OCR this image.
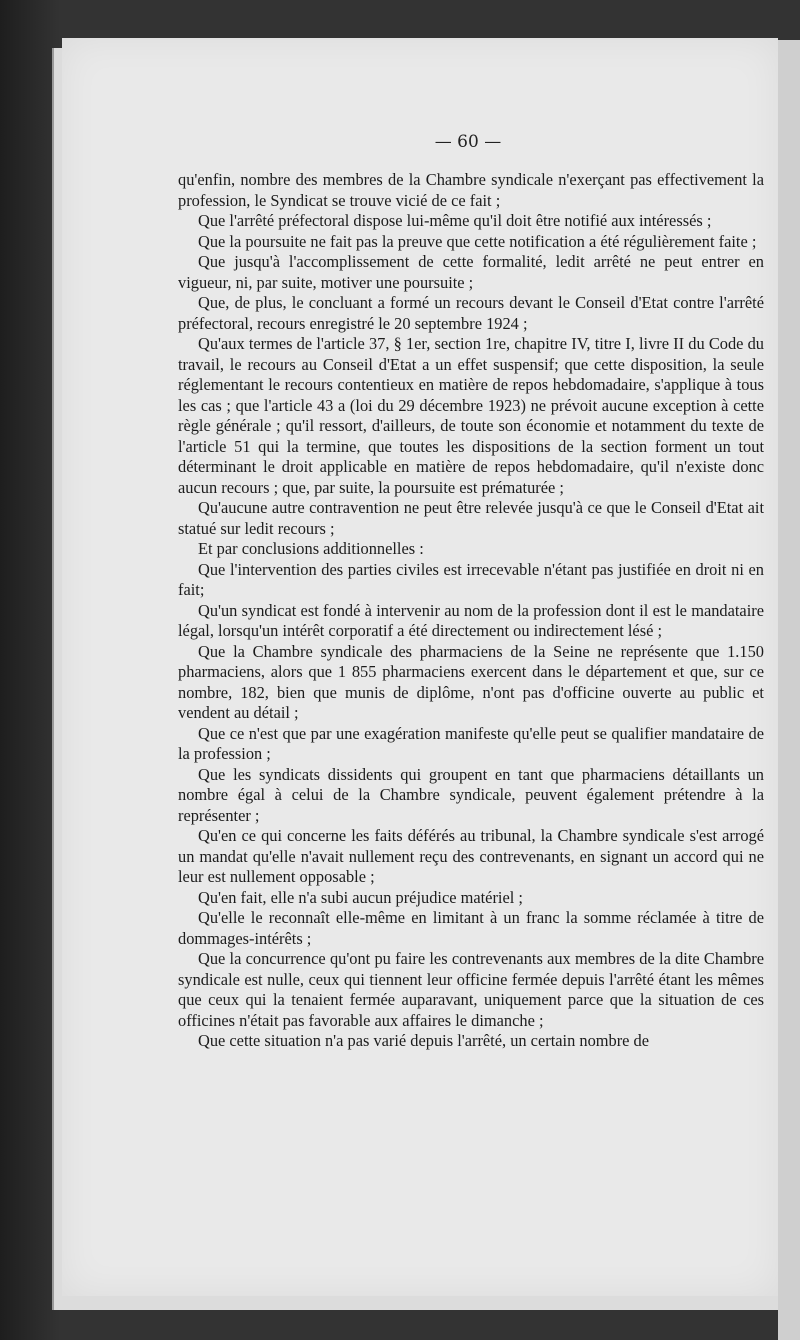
— 60 —

qu'enfin, nombre des membres de la Chambre syndicale n'exerçant pas effectivement la profession, le Syndicat se trouve vicié de ce fait ;

Que l'arrêté préfectoral dispose lui-même qu'il doit être notifié aux intéressés ;

Que la poursuite ne fait pas la preuve que cette notification a été régulièrement faite ;

Que jusqu'à l'accomplissement de cette formalité, ledit arrêté ne peut entrer en vigueur, ni, par suite, motiver une poursuite ;

Que, de plus, le concluant a formé un recours devant le Conseil d'Etat contre l'arrêté préfectoral, recours enregistré le 20 septembre 1924 ;

Qu'aux termes de l'article 37, § 1er, section 1re, chapitre IV, titre I, livre II du Code du travail, le recours au Conseil d'Etat a un effet suspensif; que cette disposition, la seule réglementant le recours contentieux en matière de repos hebdomadaire, s'applique à tous les cas ; que l'article 43 a (loi du 29 décembre 1923) ne prévoit aucune exception à cette règle générale ; qu'il ressort, d'ailleurs, de toute son économie et notamment du texte de l'article 51 qui la termine, que toutes les dispositions de la section forment un tout déterminant le droit applicable en matière de repos hebdomadaire, qu'il n'existe donc aucun recours ; que, par suite, la poursuite est prématurée ;

Qu'aucune autre contravention ne peut être relevée jusqu'à ce que le Conseil d'Etat ait statué sur ledit recours ;

Et par conclusions additionnelles :

Que l'intervention des parties civiles est irrecevable n'étant pas justifiée en droit ni en fait;

Qu'un syndicat est fondé à intervenir au nom de la profession dont il est le mandataire légal, lorsqu'un intérêt corporatif a été directement ou indirectement lésé ;

Que la Chambre syndicale des pharmaciens de la Seine ne représente que 1.150 pharmaciens, alors que 1 855 pharmaciens exercent dans le département et que, sur ce nombre, 182, bien que munis de diplôme, n'ont pas d'officine ouverte au public et vendent au détail ;

Que ce n'est que par une exagération manifeste qu'elle peut se qualifier mandataire de la profession ;

Que les syndicats dissidents qui groupent en tant que pharmaciens détaillants un nombre égal à celui de la Chambre syndicale, peuvent également prétendre à la représenter ;

Qu'en ce qui concerne les faits déférés au tribunal, la Chambre syndicale s'est arrogé un mandat qu'elle n'avait nullement reçu des contrevenants, en signant un accord qui ne leur est nullement opposable ;

Qu'en fait, elle n'a subi aucun préjudice matériel ;

Qu'elle le reconnaît elle-même en limitant à un franc la somme réclamée à titre de dommages-intérêts ;

Que la concurrence qu'ont pu faire les contrevenants aux membres de la dite Chambre syndicale est nulle, ceux qui tiennent leur officine fermée depuis l'arrêté étant les mêmes que ceux qui la tenaient fermée auparavant, uniquement parce que la situation de ces officines n'était pas favorable aux affaires le dimanche ;

Que cette situation n'a pas varié depuis l'arrêté, un certain nombre de
